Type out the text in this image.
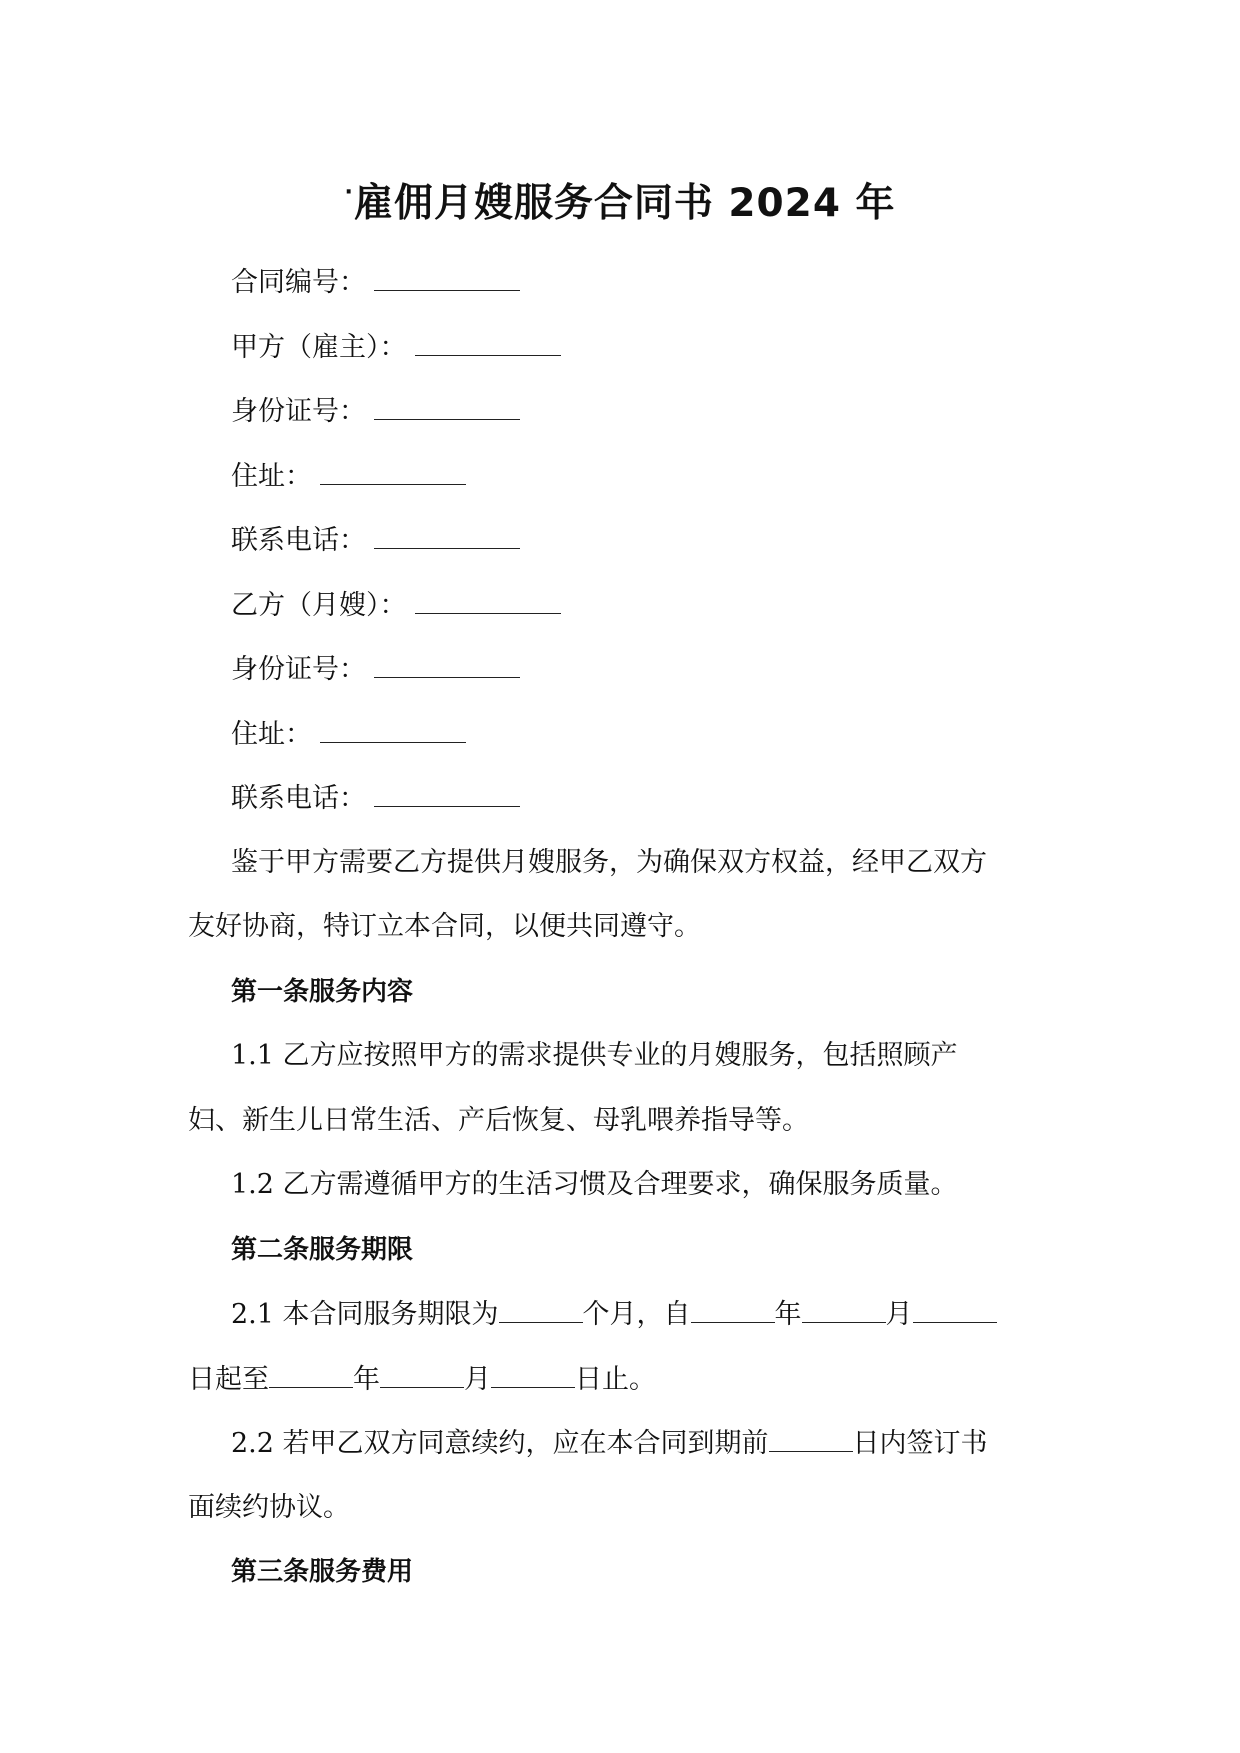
·雇佣月嫂服务合同书 2024 年
合同编号：
甲方（雇主）：
身份证号：
住址：
联系电话：
乙方（月嫂）：
身份证号：
住址：
联系电话：
鉴于甲方需要乙方提供月嫂服务，为确保双方权益，经甲乙双方
友好协商，特订立本合同，以便共同遵守。
第一条服务内容
1.1 乙方应按照甲方的需求提供专业的月嫂服务，包括照顾产
妇、新生儿日常生活、产后恢复、母乳喂养指导等。
1.2 乙方需遵循甲方的生活习惯及合理要求，确保服务质量。
第二条服务期限
2.1 本合同服务期限为	个月，自	年	月
日起至	年	月	日止。
2.2 若甲乙双方同意续约，应在本合同到期前	日内签订书
面续约协议。
第三条服务费用
